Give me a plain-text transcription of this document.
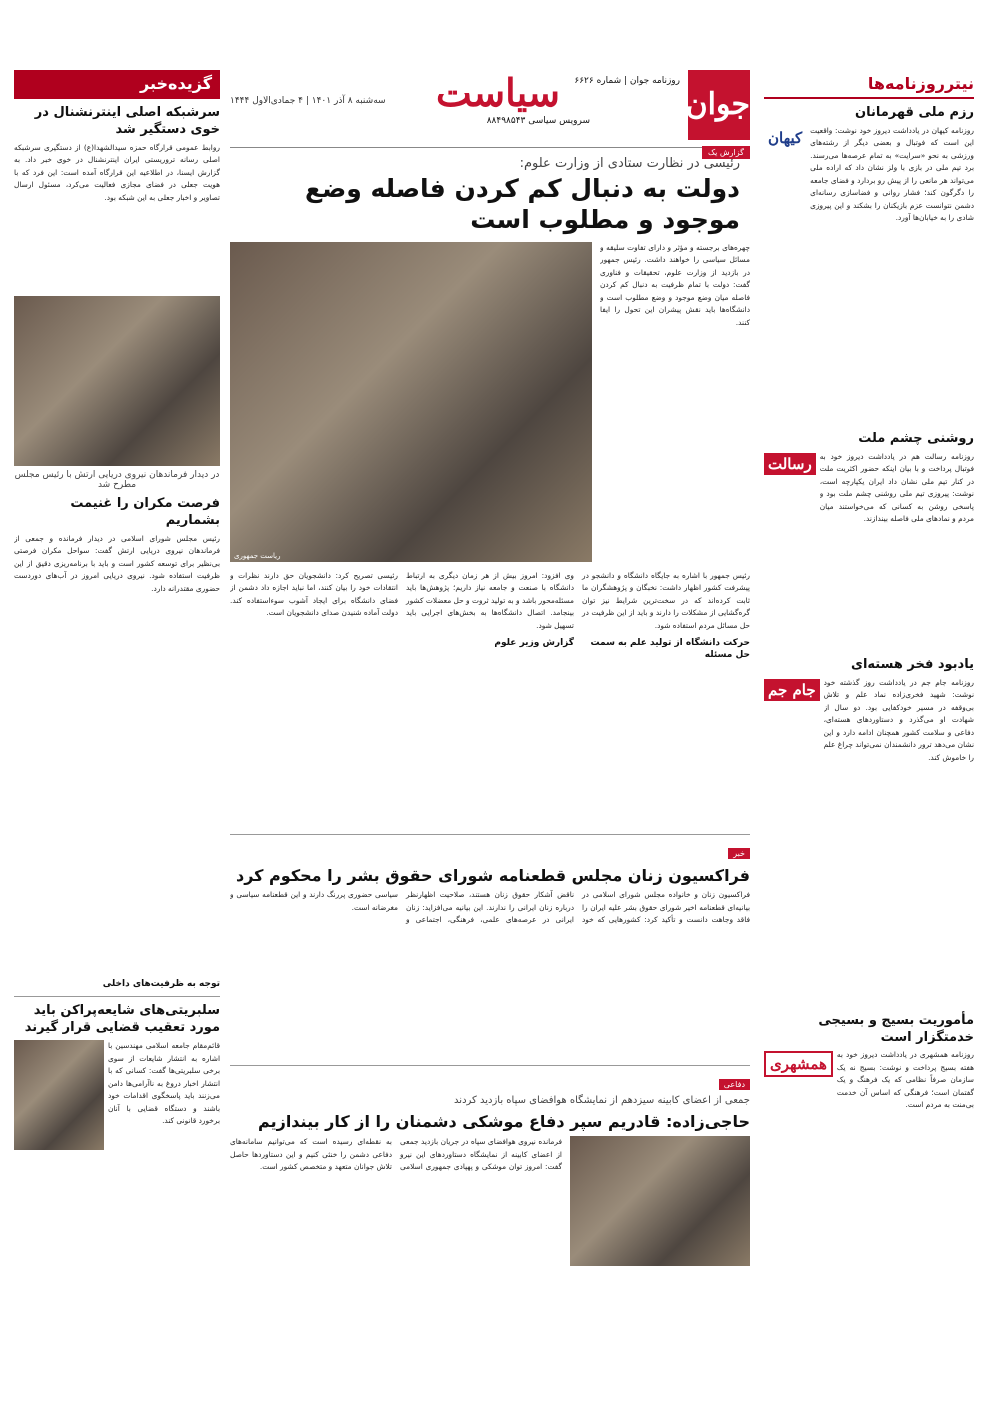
جوان
روزنامه جوان | شماره ۶۶۲۶
سیاست
سرویس سیاسی ۸۸۴۹۸۵۴۳
سه‌شنبه ۸ آذر ۱۴۰۱ | ۴ جمادی‌الاول ۱۴۴۴
گزارش یک
نیترروزنامه‌ها
رزم ملی قهرمانان
کیهان	روزنامه کیهان در یادداشت دیروز خود نوشت: واقعیت این است که فوتبال و بعضی دیگر از رشته‌های ورزشی به نحو «سرایت» به تمام عرصه‌ها می‌رسند. برد تیم ملی در بازی با ولز نشان داد که اراده ملی می‌تواند هر مانعی را از پیش رو بردارد و فضای جامعه را دگرگون کند؛ فشار روانی و فضاسازی رسانه‌ای دشمن نتوانست عزم بازیکنان را بشکند و این پیروزی شادی را به خیابان‌ها آورد.

روشنی چشم ملت
رسالت	روزنامه رسالت هم در یادداشت دیروز خود به فوتبال پرداخت و با بیان اینکه حضور اکثریت ملت در کنار تیم ملی نشان داد ایران یکپارچه است، نوشت: پیروزی تیم ملی روشنی چشم ملت بود و پاسخی روشن به کسانی که می‌خواستند میان مردم و نمادهای ملی فاصله بیندازند.

یادبود فخر هسته‌ای
جام جم	روزنامه جام جم در یادداشت روز گذشته خود نوشت: شهید فخری‌زاده نماد علم و تلاش بی‌وقفه در مسیر خودکفایی بود. دو سال از شهادت او می‌گذرد و دستاوردهای هسته‌ای، دفاعی و سلامت کشور همچنان ادامه دارد و این نشان می‌دهد ترور دانشمندان نمی‌تواند چراغ علم را خاموش کند.

مأموریت بسیج و بسیجی خدمتگزار است
همشهری

روزنامه همشهری در یادداشت دیروز خود به هفته بسیج پرداخت و نوشت: بسیج نه یک سازمان صرفاً نظامی که یک فرهنگ و یک گفتمان است؛ فرهنگی که اساس آن خدمت بی‌منت به مردم است.

رئیسی در نظارت ستادی از وزارت علوم:
دولت به دنبال کم کردن فاصله وضع موجود و مطلوب است

چهره‌های برجسته و مؤثر و دارای تفاوت سلیقه و مسائل سیاسی را خواهند داشت. رئیس جمهور در بازدید از وزارت علوم، تحقیقات و فناوری گفت: دولت با تمام ظرفیت به دنبال کم کردن فاصله میان وضع موجود و وضع مطلوب است و دانشگاه‌ها باید نقش پیشران این تحول را ایفا کنند.

ریاست جمهوری

رئیس جمهور با اشاره به جایگاه دانشگاه و دانشجو در پیشرفت کشور اظهار داشت: نخبگان و پژوهشگران ما ثابت کرده‌اند که در سخت‌ترین شرایط نیز توان گره‌گشایی از مشکلات را دارند و باید از این ظرفیت در حل مسائل مردم استفاده شود.

حرکت دانشگاه از تولید علم به سمت حل مسئله

وی افزود: امروز بیش از هر زمان دیگری به ارتباط دانشگاه با صنعت و جامعه نیاز داریم؛ پژوهش‌ها باید مسئله‌محور باشد و به تولید ثروت و حل معضلات کشور بینجامد. اتصال دانشگاه‌ها به بخش‌های اجرایی باید تسهیل شود.

گزارش وزیر علوم

رئیسی تصریح کرد: دانشجویان حق دارند نظرات و انتقادات خود را بیان کنند، اما نباید اجازه داد دشمن از فضای دانشگاه برای ایجاد آشوب سوءاستفاده کند. دولت آماده شنیدن صدای دانشجویان است.

خبر
فراکسیون زنان مجلس قطعنامه شورای حقوق بشر را محکوم کرد

فراکسیون زنان و خانواده مجلس شورای اسلامی در بیانیه‌ای قطعنامه اخیر شورای حقوق بشر علیه ایران را فاقد وجاهت دانست و تأکید کرد: کشورهایی که خود ناقض آشکار حقوق زنان هستند، صلاحیت اظهارنظر درباره زنان ایرانی را ندارند. این بیانیه می‌افزاید: زنان ایرانی در عرصه‌های علمی، فرهنگی، اجتماعی و سیاسی حضوری پررنگ دارند و این قطعنامه سیاسی و مغرضانه است.

دفاعی
جمعی از اعضای کابینه سیزدهم از نمایشگاه هوافضای سپاه بازدید کردند
حاجی‌زاده: قادریم سپر دفاع موشکی دشمنان را از کار بیندازیم

فرمانده نیروی هوافضای سپاه در جریان بازدید جمعی از اعضای کابینه از نمایشگاه دستاوردهای این نیرو گفت: امروز توان موشکی و پهپادی جمهوری اسلامی به نقطه‌ای رسیده است که می‌توانیم سامانه‌های دفاعی دشمن را خنثی کنیم و این دستاوردها حاصل تلاش جوانان متعهد و متخصص کشور است.

گزیده‌خبر
سرشبکه اصلی اینترنشنال در خوی دستگیر شد

روابط عمومی قرارگاه حمزه سیدالشهدا(ع) از دستگیری سرشبکه اصلی رسانه تروریستی ایران اینترنشنال در خوی خبر داد. به گزارش ایسنا، در اطلاعیه این قرارگاه آمده است: این فرد که با هویت جعلی در فضای مجازی فعالیت می‌کرد، مسئول ارسال تصاویر و اخبار جعلی به این شبکه بود.

در دیدار فرماندهان نیروی دریایی ارتش با رئیس مجلس مطرح شد
فرصت مکران را غنیمت بشماریم

رئیس مجلس شورای اسلامی در دیدار فرمانده و جمعی از فرماندهان نیروی دریایی ارتش گفت: سواحل مکران فرصتی بی‌نظیر برای توسعه کشور است و باید با برنامه‌ریزی دقیق از این ظرفیت استفاده شود. نیروی دریایی امروز در آب‌های دوردست حضوری مقتدرانه دارد.

توجه به ظرفیت‌های داخلی
سلبریتی‌های شایعه‌پراکن باید مورد تعقیب قضایی قرار گیرند

قائم‌مقام جامعه اسلامی مهندسین با اشاره به انتشار شایعات از سوی برخی سلبریتی‌ها گفت: کسانی که با انتشار اخبار دروغ به ناآرامی‌ها دامن می‌زنند باید پاسخگوی اقدامات خود باشند و دستگاه قضایی با آنان برخورد قانونی کند.
